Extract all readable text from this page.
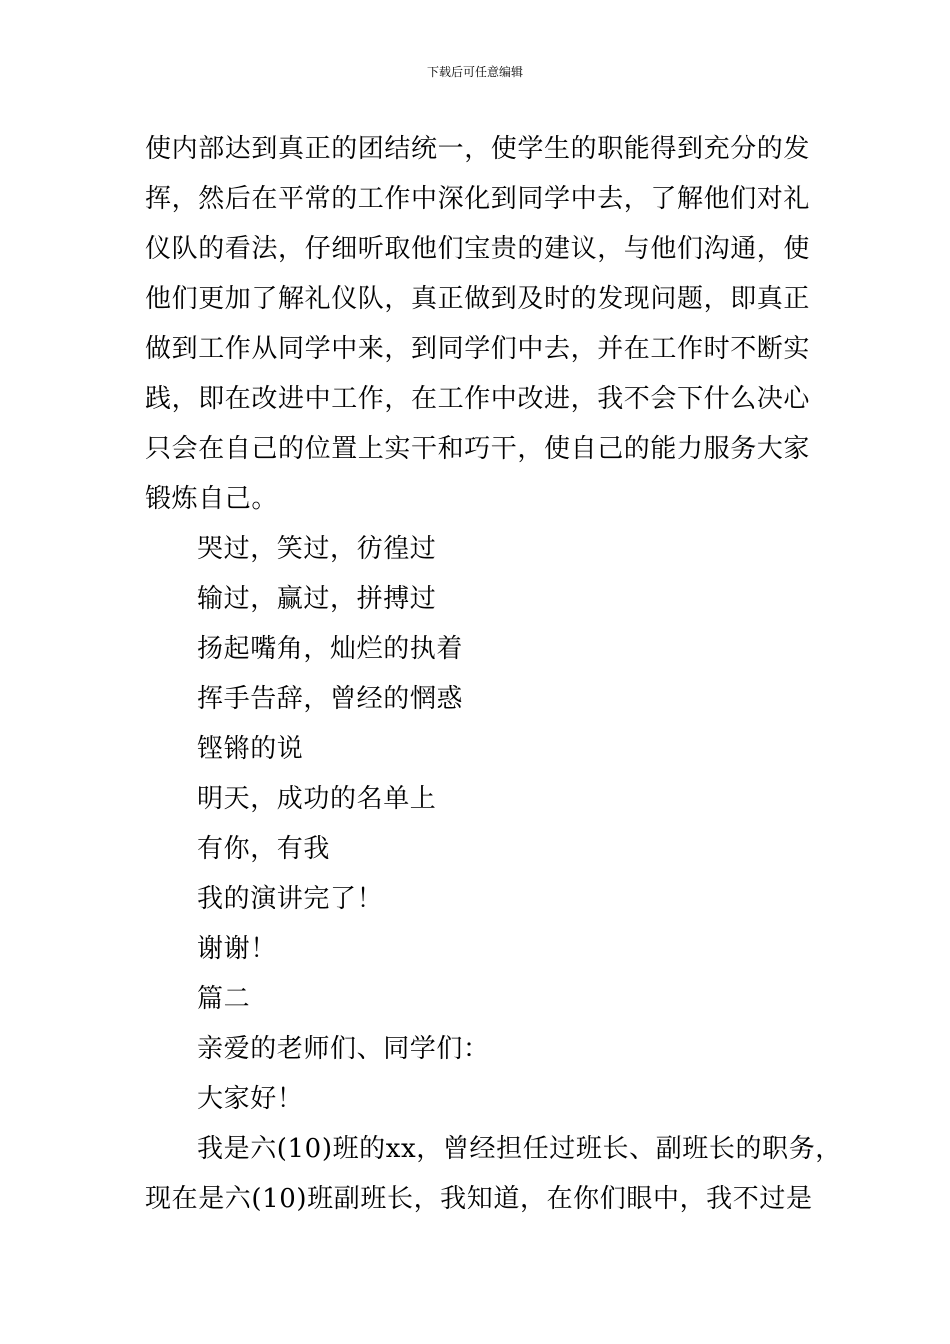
下载后可任意编辑
使内部达到真正的团结统一，使学生的职能得到充分的发
挥，然后在平常的工作中深化到同学中去，了解他们对礼
仪队的看法，仔细听取他们宝贵的建议，与他们沟通，使
他们更加了解礼仪队，真正做到及时的发现问题，即真正
做到工作从同学中来，到同学们中去，并在工作时不断实
践，即在改进中工作，在工作中改进，我不会下什么决心
只会在自己的位置上实干和巧干，使自己的能力服务大家
锻炼自己。
哭过，笑过，彷徨过
输过，赢过，拼搏过
扬起嘴角，灿烂的执着
挥手告辞，曾经的惘惑
铿锵的说
明天，成功的名单上
有你，有我
我的演讲完了！
谢谢！
篇二
亲爱的老师们、同学们：
大家好！
我是六(10)班的xx，曾经担任过班长、副班长的职务，
现在是六(10)班副班长，我知道，在你们眼中，我不过是
